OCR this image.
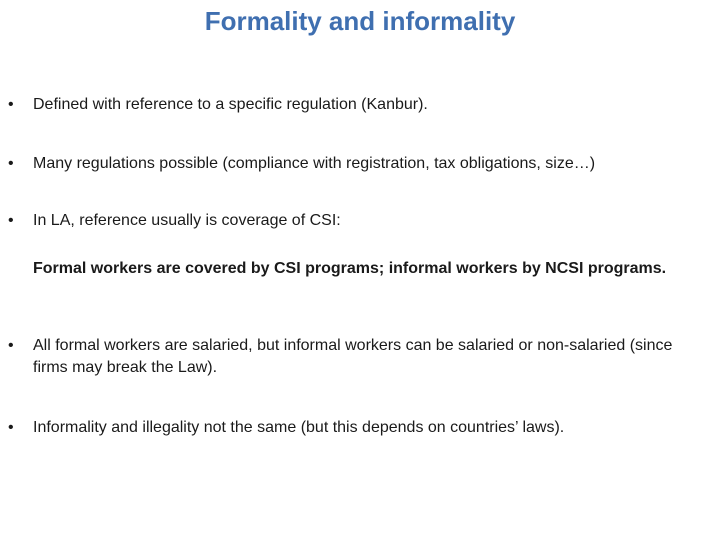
Formality and informality
•	Defined with reference to a specific regulation (Kanbur).
•	Many regulations possible (compliance with registration, tax obligations, size…)
•	In LA, reference usually is coverage of CSI:
Formal workers are covered by CSI programs; informal workers by NCSI programs.
•	All formal workers are salaried, but informal workers can be salaried or non-salaried (since firms may break the Law).
•	Informality and illegality not the same (but this depends on countries’ laws).
